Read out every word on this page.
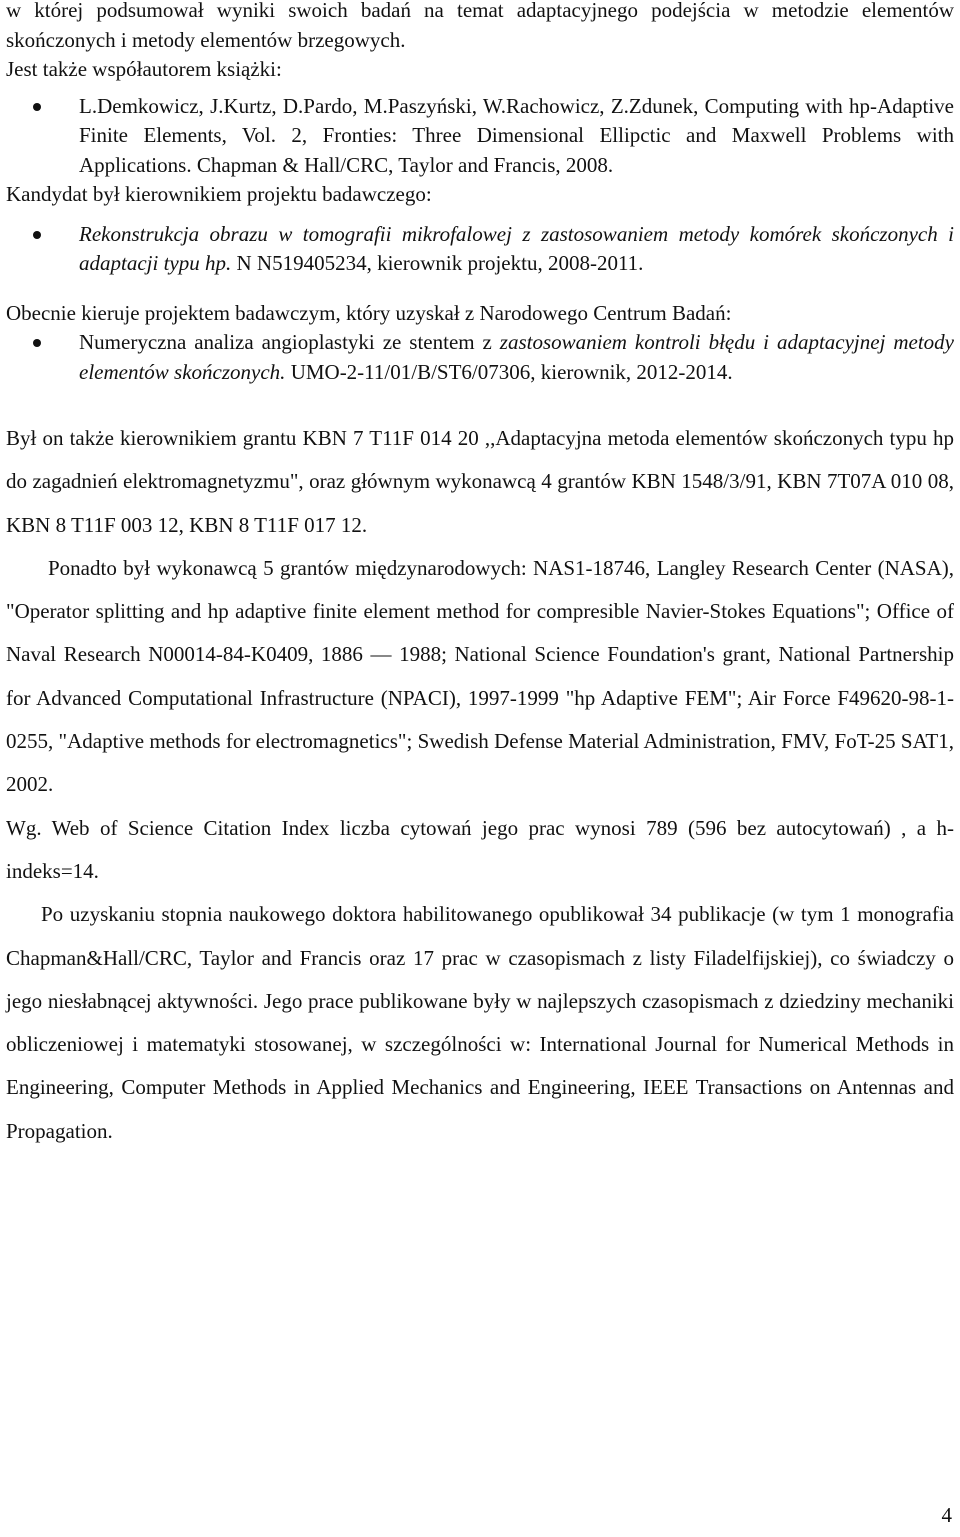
w której podsumował wyniki swoich badań na temat adaptacyjnego podejścia w metodzie elementów skończonych i metody elementów brzegowych.

Jest także współautorem książki:

L.Demkowicz, J.Kurtz, D.Pardo, M.Paszyński, W.Rachowicz, Z.Zdunek, Computing with hp-Adaptive Finite Elements, Vol. 2, Fronties: Three Dimensional Ellipctic and Maxwell Problems with Applications. Chapman & Hall/CRC, Taylor and Francis, 2008.

Kandydat był kierownikiem projektu badawczego:

Rekonstrukcja obrazu w tomografii mikrofalowej z zastosowaniem metody komórek skończonych i adaptacji typu hp. N N519405234, kierownik projektu, 2008-2011.

Obecnie kieruje projektem badawczym, który uzyskał z Narodowego Centrum Badań:

Numeryczna analiza angioplastyki ze stentem z zastosowaniem kontroli błędu i adaptacyjnej metody elementów skończonych. UMO-2-11/01/B/ST6/07306, kierownik, 2012-2014.

Był on także kierownikiem grantu KBN 7 T11F 014 20 ,,Adaptacyjna metoda elementów skończonych typu hp do zagadnień elektromagnetyzmu", oraz głównym wykonawcą 4 grantów KBN 1548/3/91, KBN 7T07A 010 08, KBN 8 T11F 003 12, KBN 8 T11F 017 12.

Ponadto był wykonawcą 5 grantów międzynarodowych: NAS1-18746, Langley Research Center (NASA), "Operator splitting and hp adaptive finite element method for compresible Navier-Stokes Equations"; Office of Naval Research N00014-84-K0409, 1886 — 1988; National Science Foundation's grant, National Partnership for Advanced Computational Infrastructure (NPACI), 1997-1999 "hp Adaptive FEM"; Air Force F49620-98-1-0255, "Adaptive methods for electromagnetics"; Swedish Defense Material Administration, FMV, FoT-25 SAT1, 2002.

Wg. Web of Science Citation Index liczba cytowań jego prac wynosi 789 (596 bez autocytowań) , a h-indeks=14.

Po uzyskaniu stopnia naukowego doktora habilitowanego opublikował 34 publikacje (w tym 1 monografia Chapman&Hall/CRC, Taylor and Francis oraz 17 prac w czasopismach z listy Filadelfijskiej), co świadczy o jego niesłabnącej aktywności. Jego prace publikowane były w najlepszych czasopismach z dziedziny mechaniki obliczeniowej i matematyki stosowanej, w szczególności w: International Journal for Numerical Methods in Engineering, Computer Methods in Applied Mechanics and Engineering, IEEE Transactions on Antennas and Propagation.

4
